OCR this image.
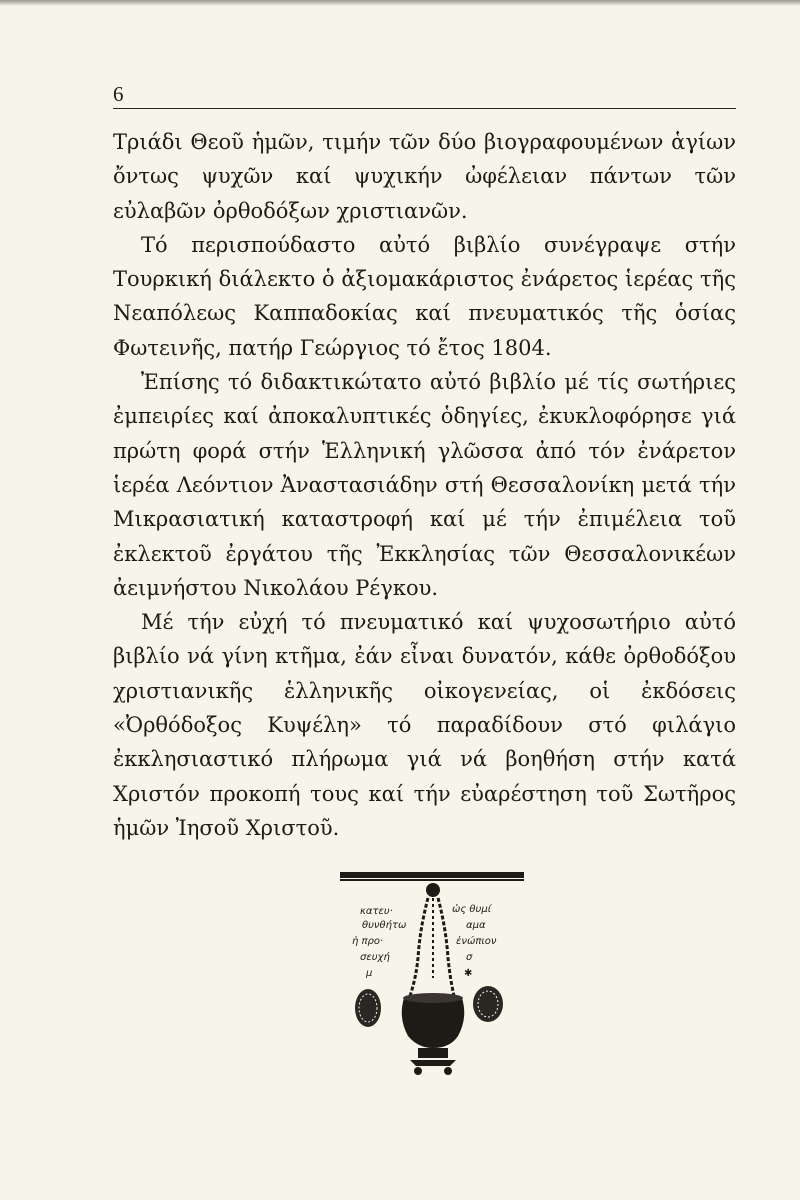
6

Τριάδι Θεοῦ ἡμῶν, τιμήν τῶν δύο βιογραφουμένων ἁγίων ὄντως ψυχῶν καί ψυχικήν ὠφέλειαν πάντων τῶν εὐλαβῶν ὀρθοδόξων χριστιανῶν.

Τό περισπούδαστο αὐτό βιβλίο συνέγραψε στήν Τουρκική διάλεκτο ὁ ἀξιομακάριστος ἐνάρετος ἱερέας τῆς Νεαπόλεως Καππαδοκίας καί πνευματικός τῆς ὁσίας Φωτεινῆς, πατήρ Γεώργιος τό ἔτος 1804.

Ἐπίσης τό διδακτικώτατο αὐτό βιβλίο μέ τίς σωτήριες ἐμπειρίες καί ἀποκαλυπτικές ὁδηγίες, ἐκυκλοφόρησε γιά πρώτη φορά στήν Ἑλληνική γλῶσσα ἀπό τόν ἐνάρετον ἱερέα Λεόντιον Ἀναστασιάδην στή Θεσσαλονίκη μετά τήν Μικρασιατική καταστροφή καί μέ τήν ἐπιμέλεια τοῦ ἐκλεκτοῦ ἐργάτου τῆς Ἐκκλησίας τῶν Θεσσαλονικέων ἀειμνήστου Νικολάου Ρέγκου.

Μέ τήν εὐχή τό πνευματικό καί ψυχοσωτήριο αὐτό βιβλίο νά γίνη κτῆμα, ἐάν εἶναι δυνατόν, κάθε ὀρθοδόξου χριστιανικῆς ἑλληνικῆς οἰκογενείας, οἱ ἐκδόσεις «Ὀρθόδοξος Κυψέλη» τό παραδίδουν στό φιλάγιο ἐκκλησιαστικό πλήρωμα γιά νά βοηθήση στήν κατά Χριστόν προκοπή τους καί τήν εὐαρέστηση τοῦ Σωτῆρος ἡμῶν Ἰησοῦ Χριστοῦ.

κατευ·
θυνθήτω
ἡ προ·
σευχή
μ
ὡς θυμί
αμα
ἐνώπιον
σ
✱
